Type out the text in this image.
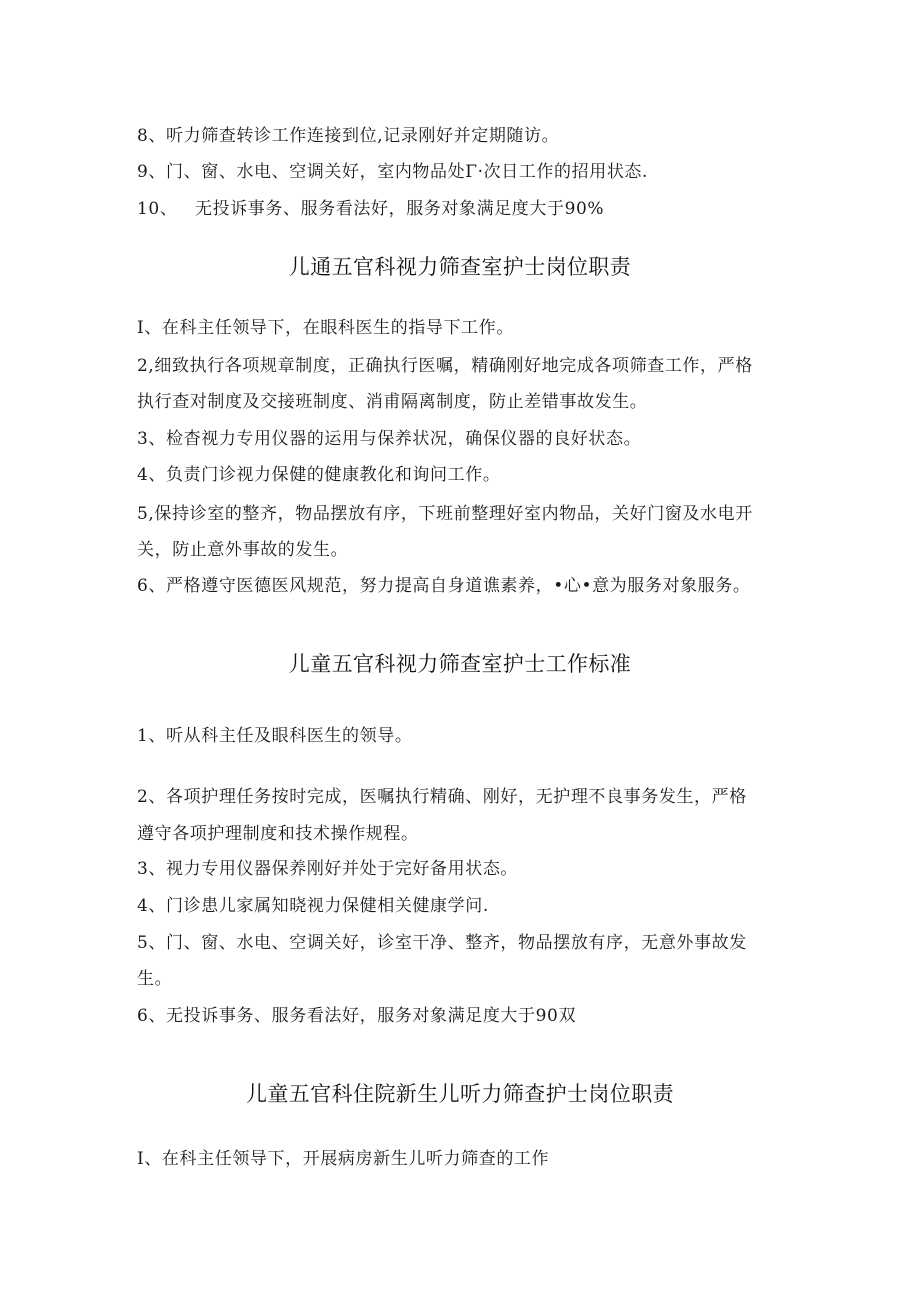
8、听力筛查转诊工作连接到位,记录刚好并定期随访。
9、门、窗、水电、空调关好，室内物品处Γ·次日工作的招用状态.
10、 无投诉事务、服务看法好，服务对象满足度大于90%
儿通五官科视力筛查室护士岗位职责
I、在科主任领导下，在眼科医生的指导下工作。
2,细致执行各项规章制度，正确执行医嘱，精确刚好地完成各项筛查工作，严格
执行查对制度及交接班制度、消甫隔离制度，防止差错事故发生。
3、检杳视力专用仪器的运用与保养状况，确保仪器的良好状态。
4、负责门诊视力保健的健康教化和询问工作。
5,保持诊室的整齐，物品摆放有序，下班前整理好室内物品，关好门窗及水电开
关，防止意外事故的发生。
6、严格遵守医德医风规范，努力提高自身道谯素养，•心•意为服务对象服务。
儿童五官科视力筛查室护士工作标准
1、听从科主任及眼科医生的领导。
2、各项护理任务按时完成，医嘱执行精确、刚好，无护理不良事务发生，严格
遵守各项护理制度和技术操作规程。
3、视力专用仪器保养刚好并处于完好备用状态。
4、门诊患儿家属知晓视力保健相关健康学问.
5、门、窗、水电、空调关好，诊室干净、整齐，物品摆放有序，无意外事故发
生。
6、无投诉事务、服务看法好，服务对象满足度大于90双
儿童五官科住院新生儿听力筛查护士岗位职责
I、在科主任领导下，开展病房新生儿听力筛查的工作
